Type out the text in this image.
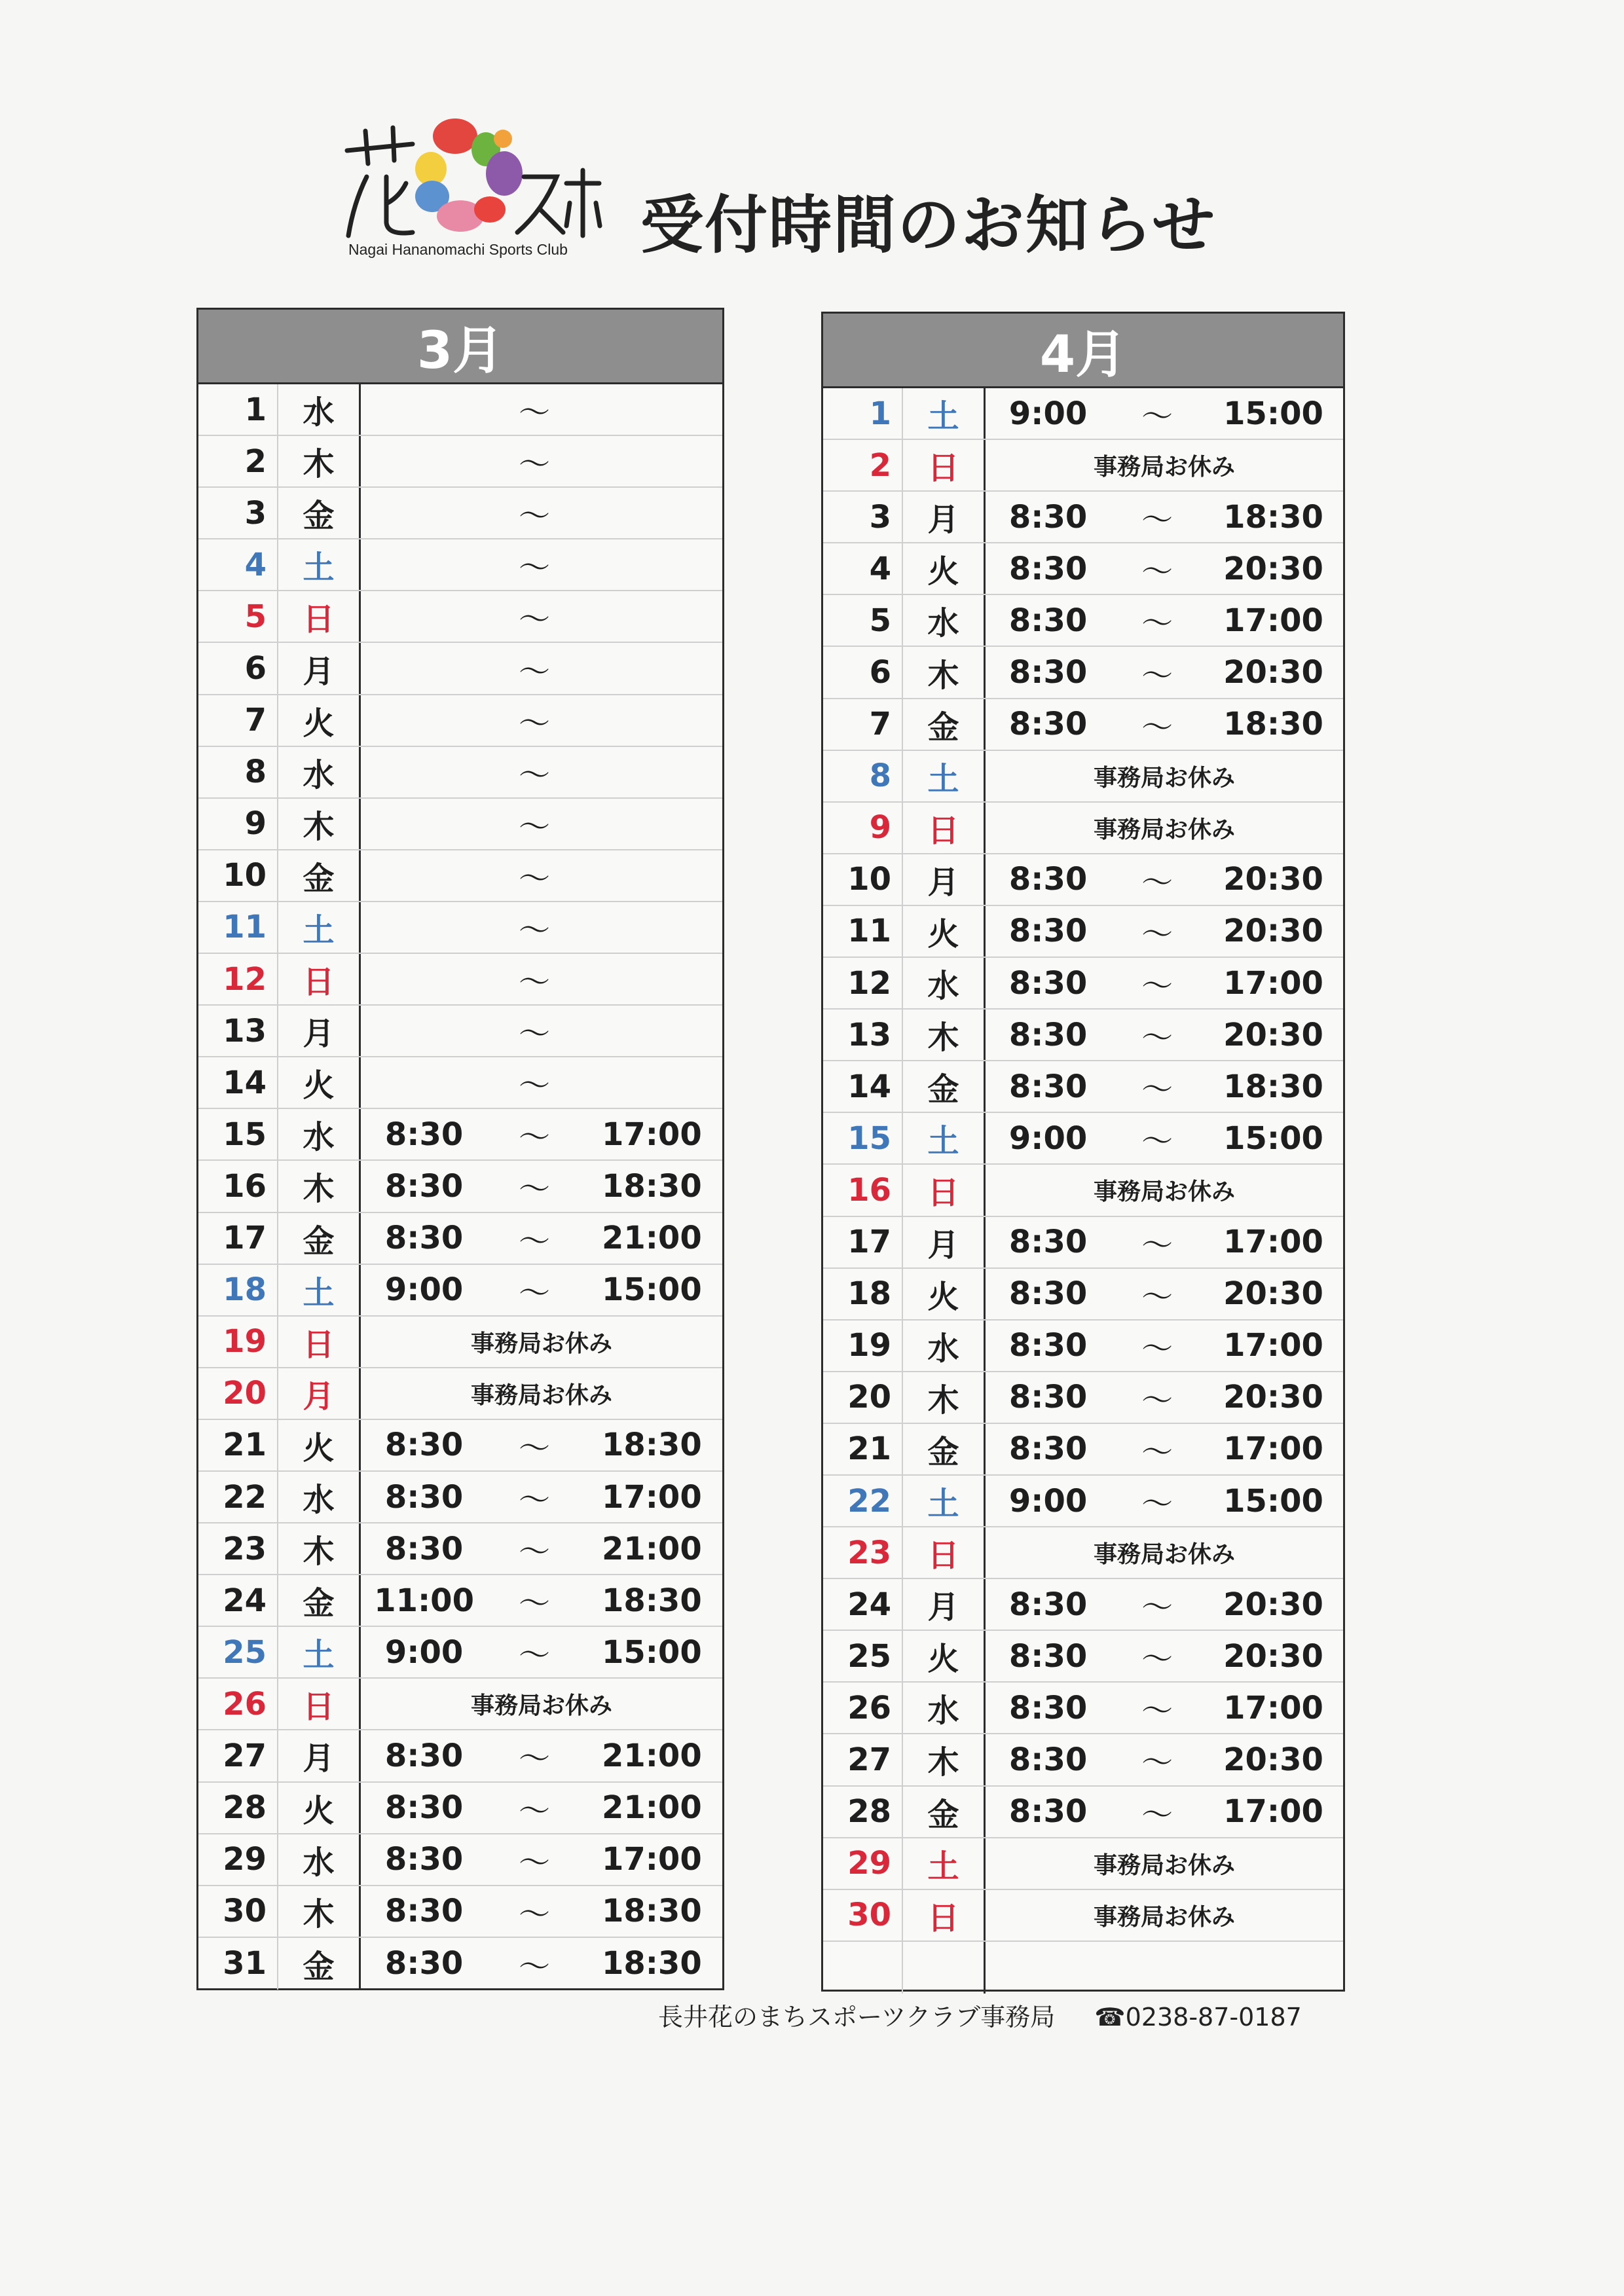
Nagai Hananomachi Sports Club	受付時間のお知らせ
3月
1	水	～
2	木	～
3	金	～
4	土	～
5	日	～
6	月	～
7	火	～
8	水	～
9	木	～
10	金	～
11	土	～
12	日	～
13	月	～
14	火	～
15	水	8:30	～	17:00
16	木	8:30	～	18:30
17	金	8:30	～	21:00
18	土	9:00	～	15:00
19	日	事務局お休み
20	月	事務局お休み
21	火	8:30	～	18:30
22	水	8:30	～	17:00
23	木	8:30	～	21:00
24	金	11:00	～	18:30
25	土	9:00	～	15:00
26	日	事務局お休み
27	月	8:30	～	21:00
28	火	8:30	～	21:00
29	水	8:30	～	17:00
30	木	8:30	～	18:30
31	金	8:30	～	18:30
4月
1	土	9:00	～	15:00
2	日	事務局お休み
3	月	8:30	～	18:30
4	火	8:30	～	20:30
5	水	8:30	～	17:00
6	木	8:30	～	20:30
7	金	8:30	～	18:30
8	土	事務局お休み
9	日	事務局お休み
10	月	8:30	～	20:30
11	火	8:30	～	20:30
12	水	8:30	～	17:00
13	木	8:30	～	20:30
14	金	8:30	～	18:30
15	土	9:00	～	15:00
16	日	事務局お休み
17	月	8:30	～	17:00
18	火	8:30	～	20:30
19	水	8:30	～	17:00
20	木	8:30	～	20:30
21	金	8:30	～	17:00
22	土	9:00	～	15:00
23	日	事務局お休み
24	月	8:30	～	20:30
25	火	8:30	～	20:30
26	水	8:30	～	17:00
27	木	8:30	～	20:30
28	金	8:30	～	17:00
29	土	事務局お休み
30	日	事務局お休み
長井花のまちスポーツクラブ事務局 ☎0238-87-0187
